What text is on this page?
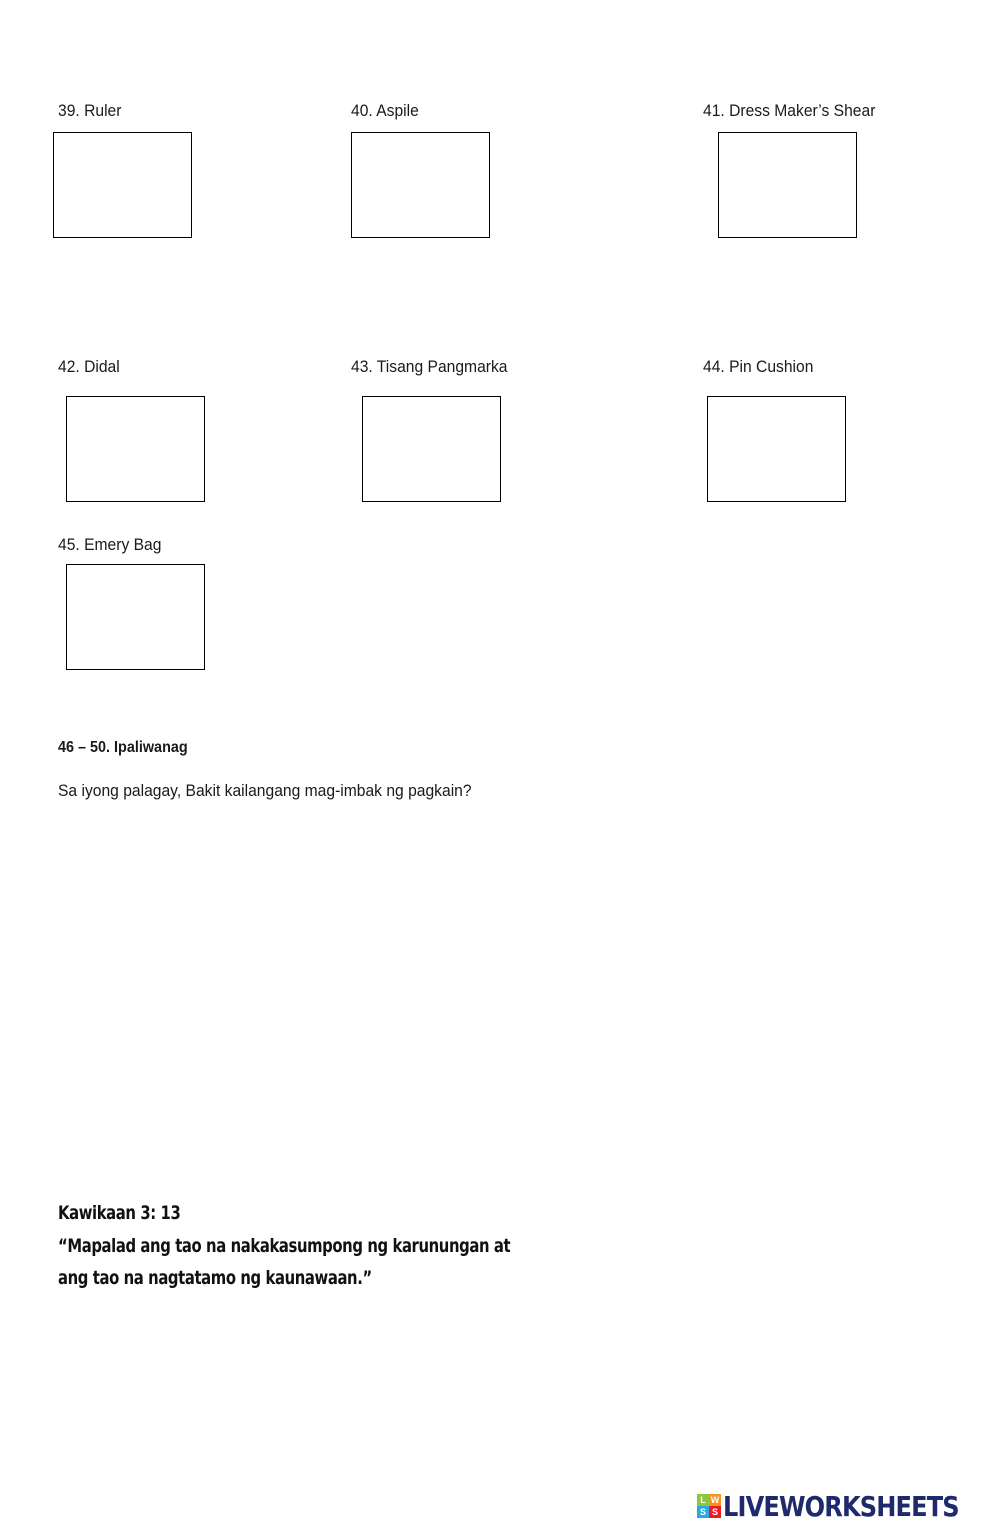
39. Ruler	40. Aspile	41. Dress Maker’s Shear
42. Didal	43. Tisang Pangmarka	44. Pin Cushion
45. Emery Bag
46 – 50. Ipaliwanag
Sa iyong palagay, Bakit kailangang mag-imbak ng pagkain?
Kawikaan 3: 13
“Mapalad ang tao na nakakasumpong ng karunungan at
ang tao na nagtatamo ng kaunawaan.”
L W
S S LIVEWORKSHEETS
